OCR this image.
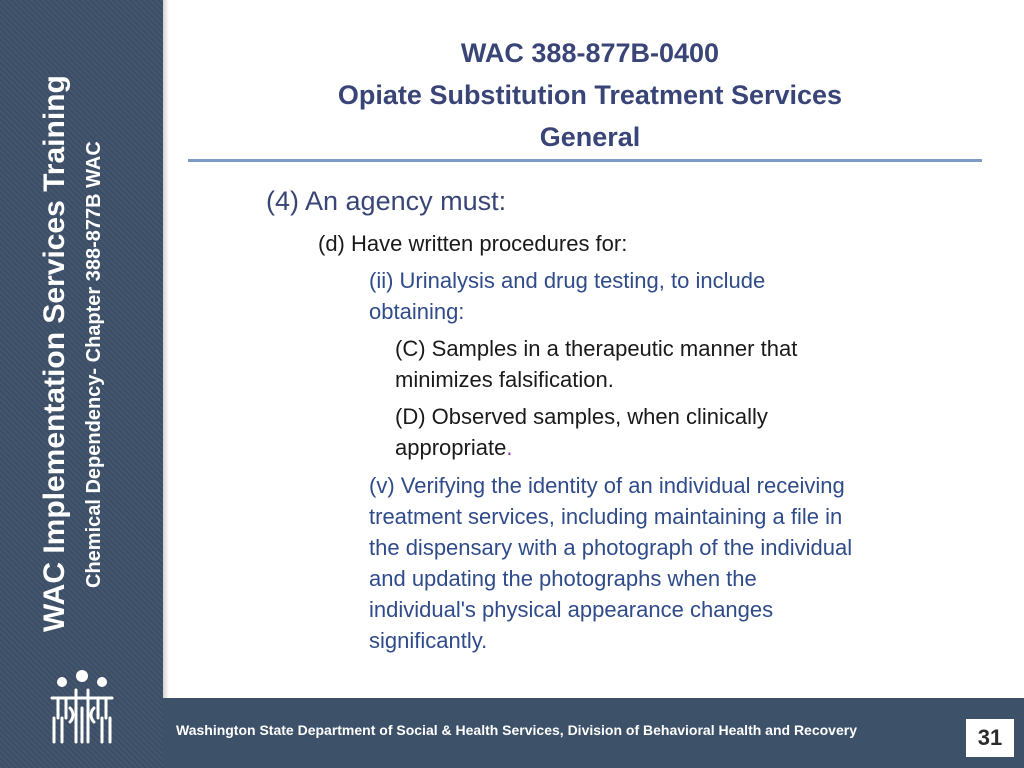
WAC Implementation Services Training Chemical Dependency- Chapter 388-877B WAC
WAC 388-877B-0400
Opiate Substitution Treatment Services
General
(4) An agency must:
(d) Have written procedures for:
(ii) Urinalysis and drug testing, to include
obtaining:
(C) Samples in a therapeutic manner that
minimizes falsification.
(D) Observed samples, when clinically
appropriate.
(v) Verifying the identity of an individual receiving
treatment services, including maintaining a file in
the dispensary with a photograph of the individual
and updating the photographs when the
individual's physical appearance changes
significantly.
Washington State Department of Social & Health Services, Division of Behavioral Health and Recovery	31
